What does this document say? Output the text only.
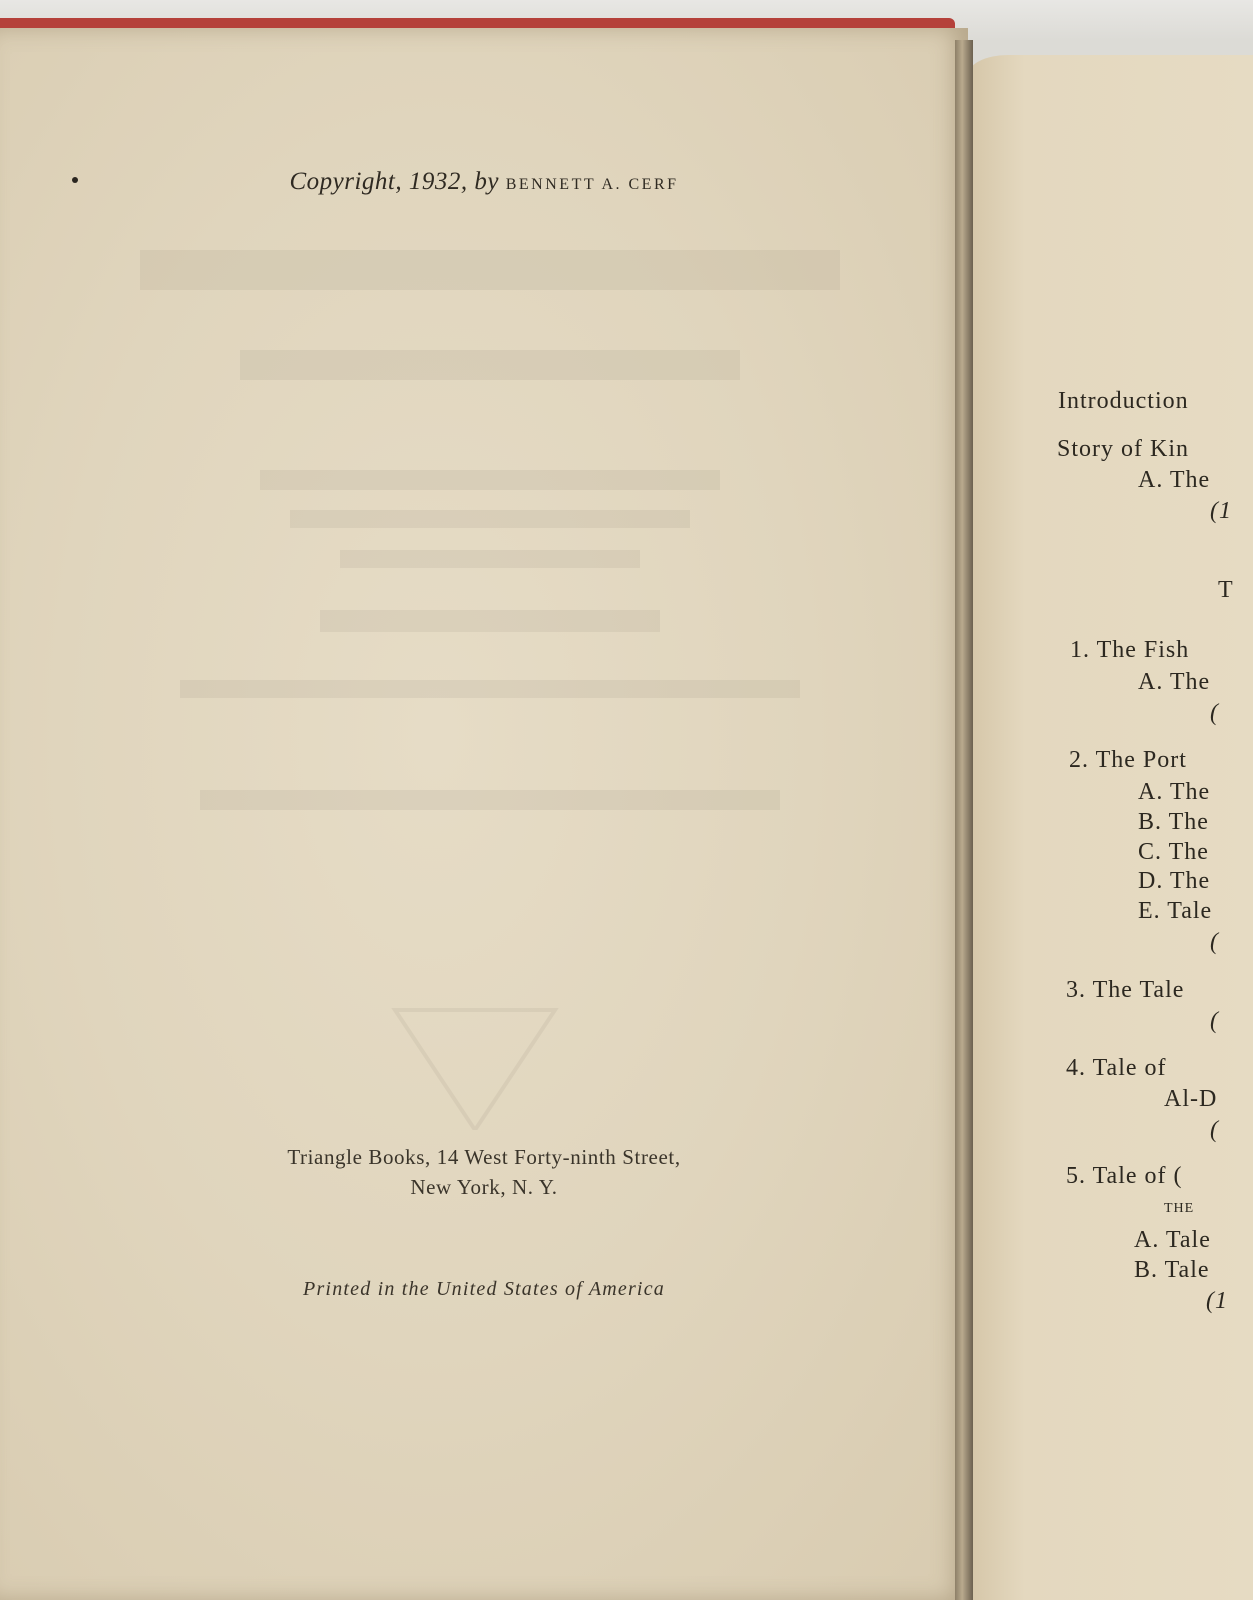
Copyright, 1932, by BENNETT A. CERF
Triangle Books, 14 West Forty-ninth Street,
New York, N. Y.
Printed in the United States of America
Introduction
Story of Kin
A. The
(1
T
1. The Fish
A. The
(
2. The Port
A. The
B. The
C. The
D. The
E. Tale
(
3. The Tale
(
4. Tale of
Al-D
(
5. Tale of (
the
A. Tale
B. Tale
(1
